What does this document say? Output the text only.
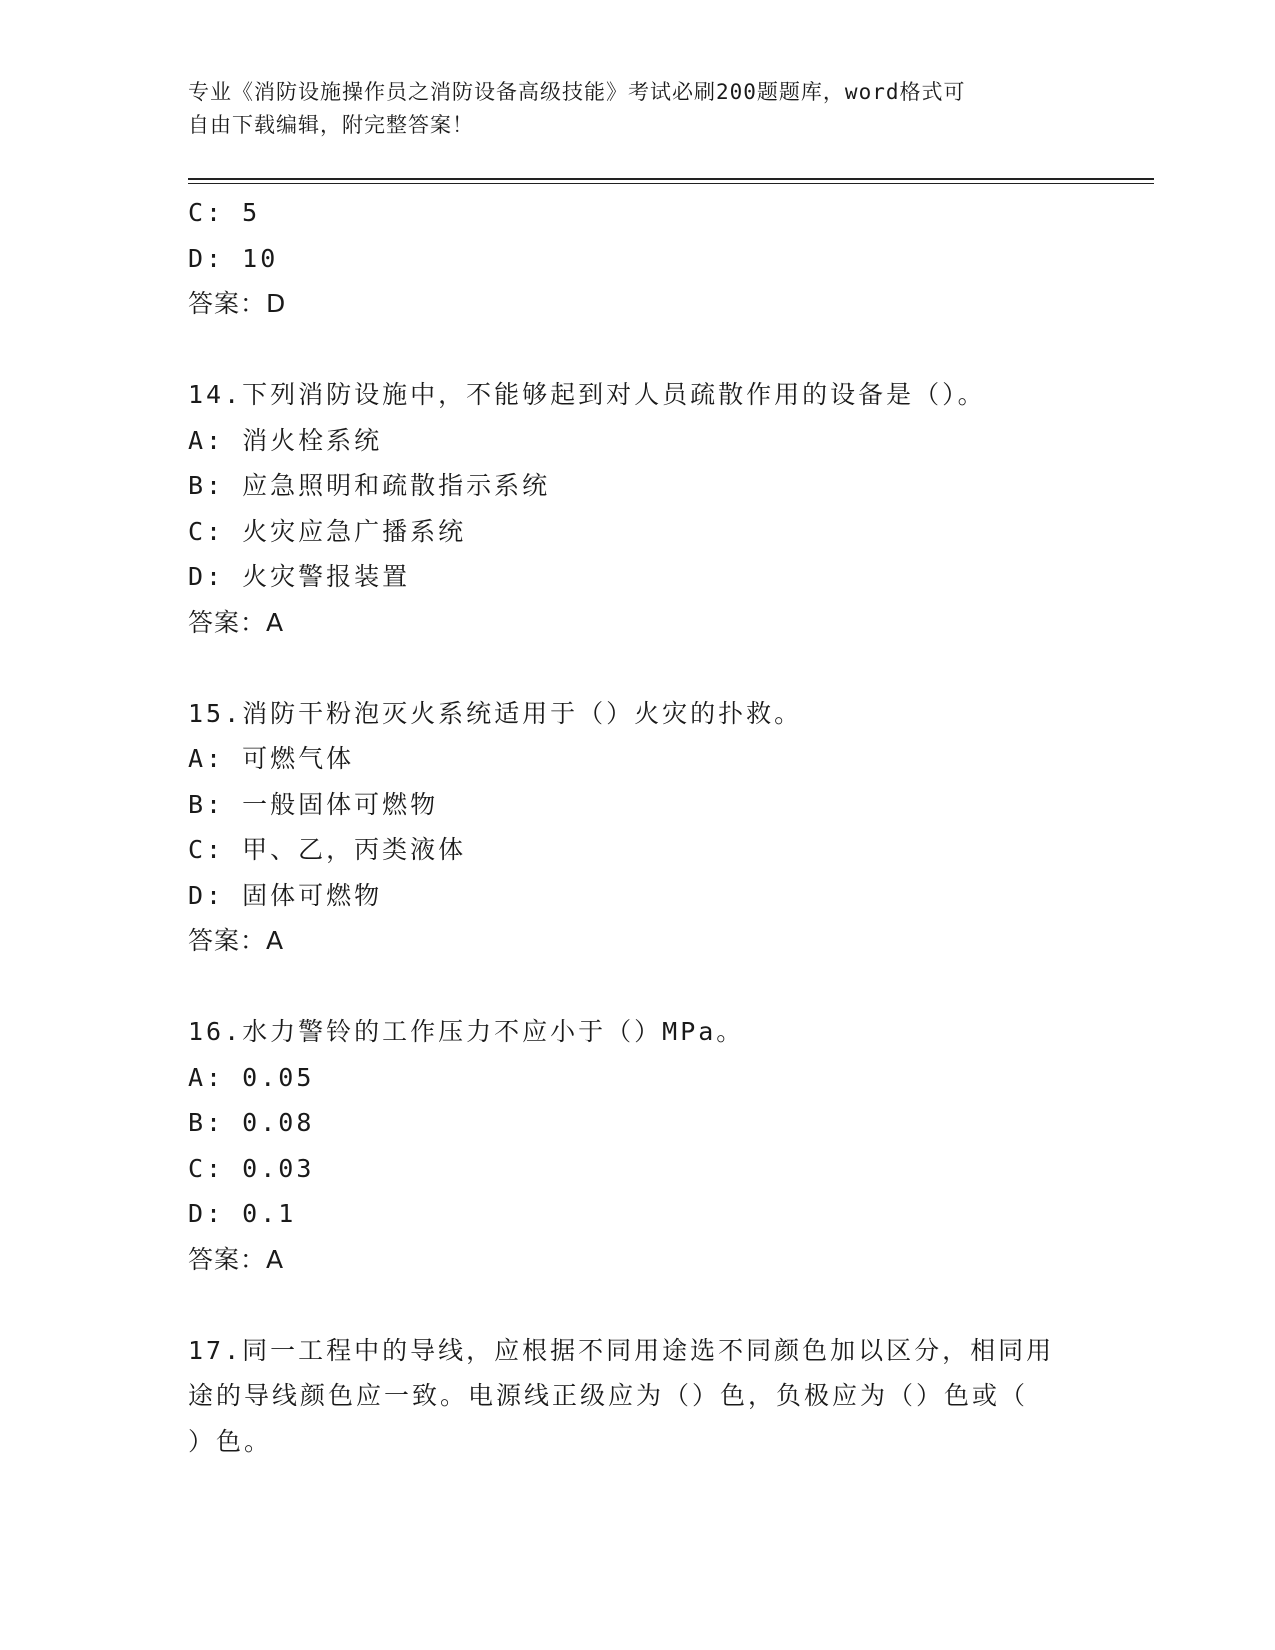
专业《消防设施操作员之消防设备高级技能》考试必刷200题题库，word格式可
自由下载编辑，附完整答案！
C: 5
D: 10
答案：D
14.下列消防设施中，不能够起到对人员疏散作用的设备是（）。
A: 消火栓系统
B: 应急照明和疏散指示系统
C: 火灾应急广播系统
D: 火灾警报装置
答案：A
15.消防干粉泡灭火系统适用于（）火灾的扑救。
A: 可燃气体
B: 一般固体可燃物
C: 甲、乙，丙类液体
D: 固体可燃物
答案：A
16.水力警铃的工作压力不应小于（）MPa。
A: 0.05
B: 0.08
C: 0.03
D: 0.1
答案：A
17.同一工程中的导线，应根据不同用途选不同颜色加以区分，相同用
途的导线颜色应一致。电源线正级应为（）色，负极应为（）色或（
）色。
